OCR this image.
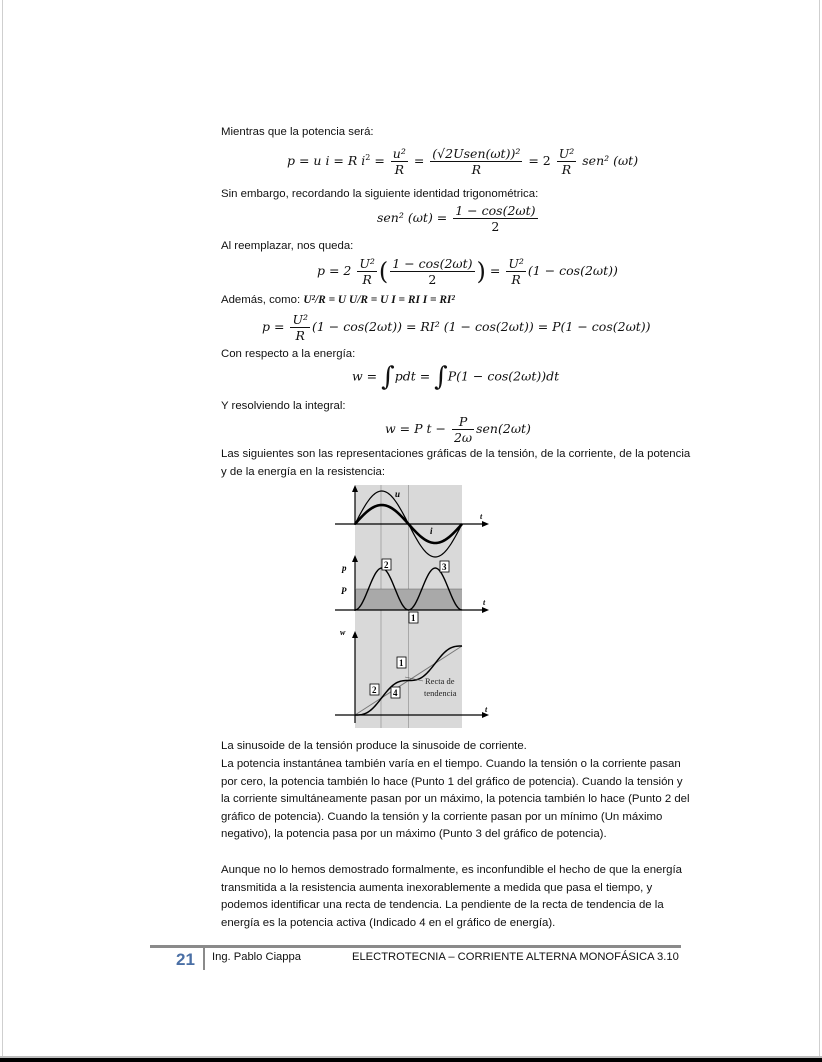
Mientras que la potencia será:
p = u i = R $i^2 = \frac{\text{u²}}{R} = \frac{\text{(√2Usen(ωt))²}}{R} = 2 \frac{\text{U²}}{R} sen^2$ (ωt)
Sin embargo, recordando la siguiente identidad trigonométrica:
sen² $(\omega t) = \frac{1 - \cos(2\omega t)}{2}$
Al reemplazar, nos queda:
$p = 2 \frac{\text{U²}}{R}$ ( $\frac{1 - \cos(2\omega t)}{2}$ ) = $\frac{\text{U²}}{R} (1 - \cos(2\omega t))$
Además, como: U²/R = U U/R = U I = RI I = RI²
$p = \frac{\text{U²}}{R} (1 - \cos(2\omega t)) = RI^2$ (1 − cos(2ωt)) = P(1 − cos(2ωt))
Con respecto a la energía:
w = ∫pdt = ∫P(1 − cos(2ωt))dt
Y resolviendo la integral:
w = P $t - \frac{P}{2\omega} sen(2\omega t)$
Las siguientes son las representaciones gráficas de la tensión, de la corriente, de la potencia y de la energía en la resistencia:
u
i
t
p
P
t
2	3
1
w
t
1
2 4
Recta de
tendencia
La sinusoide de la tensión produce la sinusoide de corriente.
La potencia instantánea también varía en el tiempo. Cuando la tensión o la corriente pasan por cero, la potencia también lo hace (Punto 1 del gráfico de potencia). Cuando la tensión y la corriente simultáneamente pasan por un máximo, la potencia también lo hace (Punto 2 del gráfico de potencia). Cuando la tensión y la corriente pasan por un mínimo (Un máximo negativo), la potencia pasa por un máximo (Punto 3 del gráfico de potencia).
Aunque no lo hemos demostrado formalmente, es inconfundible el hecho de que la energía transmitida a la resistencia aumenta inexorablemente a medida que pasa el tiempo, y podemos identificar una recta de tendencia. La pendiente de la recta de tendencia de la energía es la potencia activa (Indicado 4 en el gráfico de energía).
21 Ing. Pablo Ciappa	ELECTROTECNIA – CORRIENTE ALTERNA MONOFÁSICA 3.10
